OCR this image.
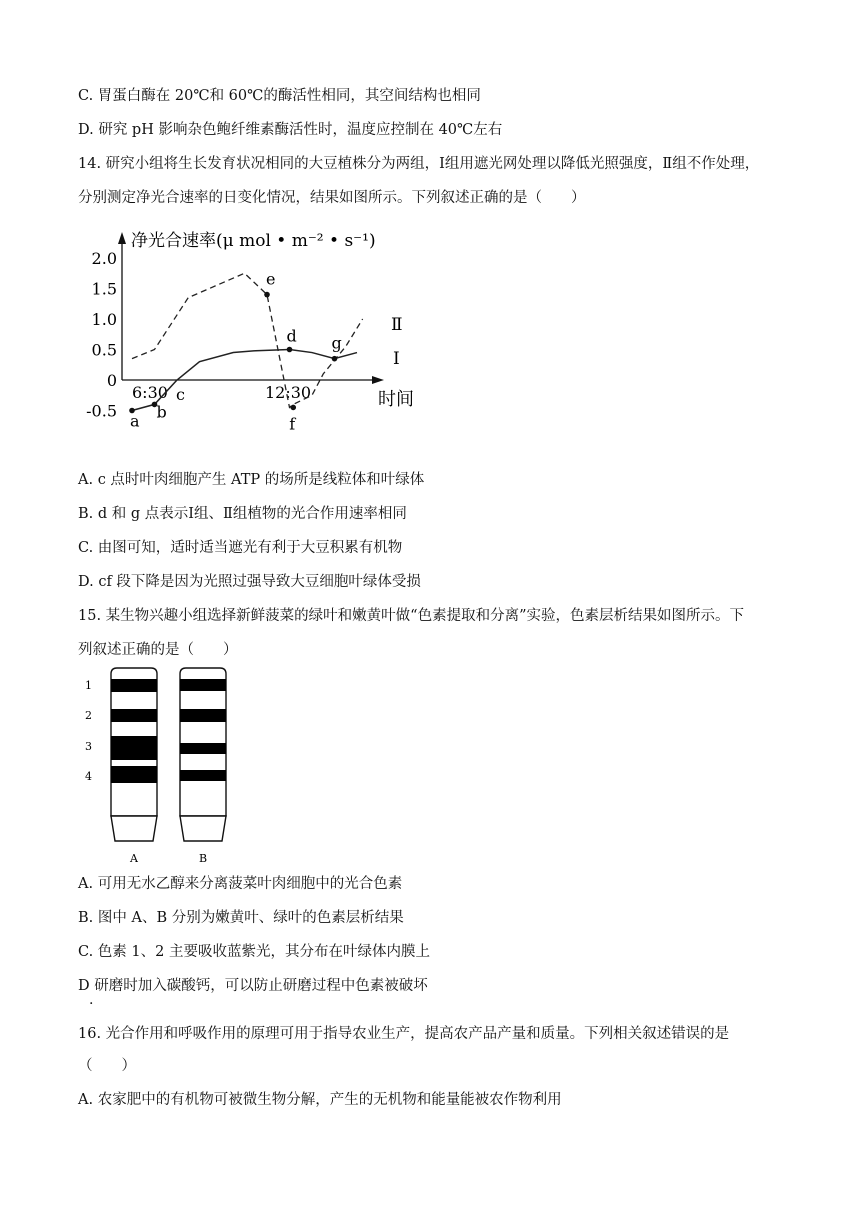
C. 胃蛋白酶在 20℃和 60℃的酶活性相同，其空间结构也相同
D. 研究 pH 影响杂色鲍纤维素酶活性时，温度应控制在 40℃左右
14. 研究小组将生长发育状况相同的大豆植株分为两组，Ⅰ组用遮光网处理以降低光照强度，Ⅱ组不作处理，
分别测定净光合速率的日变化情况，结果如图所示。下列叙述正确的是（　　）
净光合速率(μ mol • m⁻² • s⁻¹)
2.0
1.5
1.0
0.5
0
-0.5
6:30	12:30	时间
Ⅰ
Ⅱ
a b
c
d
e
f
g
A. c 点时叶肉细胞产生 ATP 的场所是线粒体和叶绿体
B. d 和 g 点表示Ⅰ组、Ⅱ组植物的光合作用速率相同
C. 由图可知，适时适当遮光有利于大豆积累有机物
D. cf 段下降是因为光照过强导致大豆细胞叶绿体受损
15. 某生物兴趣小组选择新鲜菠菜的绿叶和嫩黄叶做“色素提取和分离”实验，色素层析结果如图所示。下
列叙述正确的是（　　）
1
2
3
4
A	B
A. 可用无水乙醇来分离菠菜叶肉细胞中的光合色素
B. 图中 A、B 分别为嫩黄叶、绿叶的色素层析结果
C. 色素 1、2 主要吸收蓝紫光，其分布在叶绿体内膜上
D 研磨时加入碳酸钙，可以防止研磨过程中色素被破坏
.
16. 光合作用和呼吸作用的原理可用于指导农业生产，提高农产品产量和质量。下列相关叙述错误的是
（　　）
A. 农家肥中的有机物可被微生物分解，产生的无机物和能量能被农作物利用
